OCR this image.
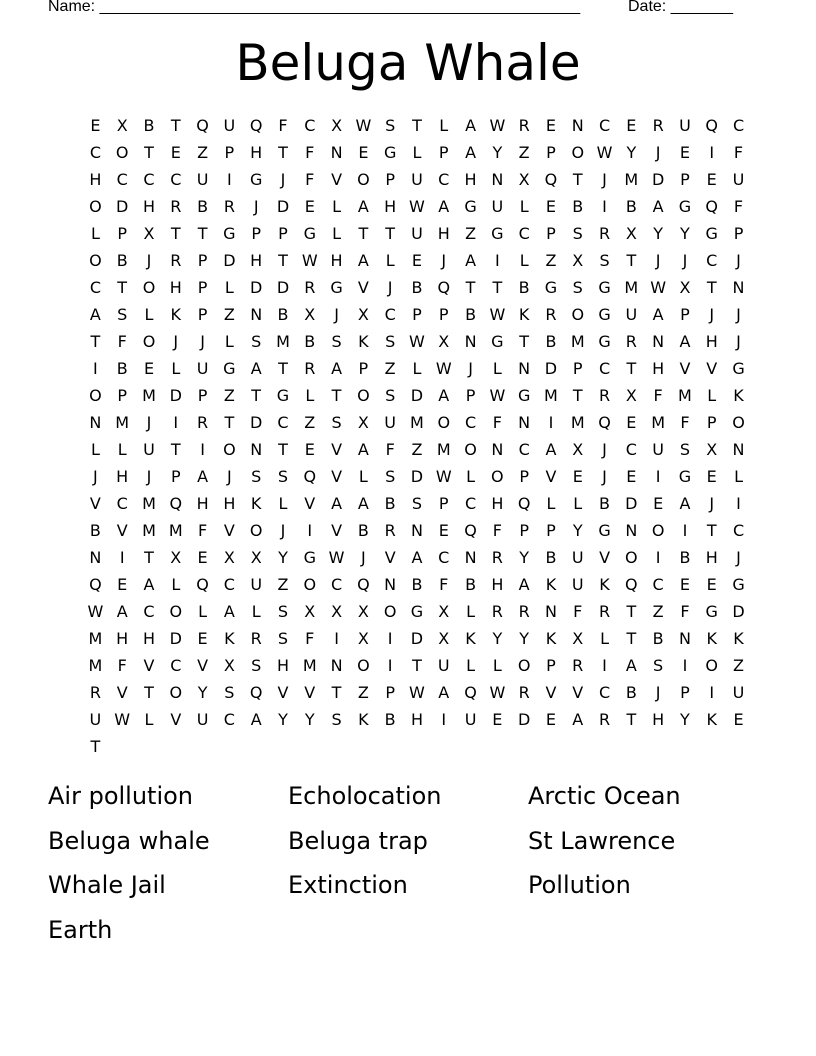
Name: ______________________________________________________	Date: _______
Beluga Whale
E	X B	T Q U Q F	C X W S	T	L	A W R	E N C	E	R U Q C
C O T	E	Z	P H T	F	N E G	L	P	A	Y	Z	P O W Y	J	E	I	F
H C C C U	I	G	J	F	V O P	U C H N X Q T	J	M D P	E U
O D H R B R	J	D E	L	A H W A G U	L	E	B	I	B A G Q F
L	P	X	T	T G P	P G	L	T	T	U H Z G C	P	S	R X	Y	Y G P
O B	J	R	P D H T W H A	L	E	J	A	I	L	Z X	S	T	J	J	C	J
C	T O H P	L	D D R G V	J	B Q T	T	B G S G M W X	T N
A	S	L	K	P	Z N B X	J	X C	P	P	B W K R O G U A	P	J	J
T	F O	J	J	L	S M B	S	K	S W X N G T	B M G R N A H	J
I	B	E	L	U G A	T	R A	P	Z	L W	J	L	N D P	C	T H V V G
O P M D P	Z	T G	L	T O S D A	P W G M T	R X	F M L	K
N M	J	I	R	T D C Z	S	X U M O C	F	N	I	M Q E M F	P O
L	L	U	T	I	O N T	E	V A	F	Z M O N C A X	J	C U S	X N
J	H	J	P	A	J	S	S Q V	L	S D W L	O P	V	E	J	E	I	G E	L
V C M Q H H K	L	V A A B	S	P	C H Q	L	L	B D E	A	J	I
B V M M F	V O	J	I	V B R N E Q F	P	P	Y G N O	I	T	C
N	I	T	X	E	X X	Y G W	J	V A C N R	Y	B U V O	I	B H	J
Q E	A	L	Q C U Z O C Q N B	F	B H A	K U K Q C	E	E G
W A C O	L	A	L	S	X X X O G X	L	R R N	F	R	T	Z	F G D
M H H D E	K R	S	F	I	X	I	D X	K	Y	Y	K	X	L	T	B N K	K
M F	V C V X	S H M N O	I	T	U	L	L	O P	R	I	A	S	I	O Z
R V	T O Y	S Q V V	T	Z	P W A Q W R V V C B	J	P	I	U
U W L	V U C A	Y	Y	S	K	B H	I	U E D E	A R	T H Y	K	E
T
Air pollution	Echolocation	Arctic Ocean
Beluga whale	Beluga trap	St Lawrence
Whale Jail	Extinction	Pollution
Earth
